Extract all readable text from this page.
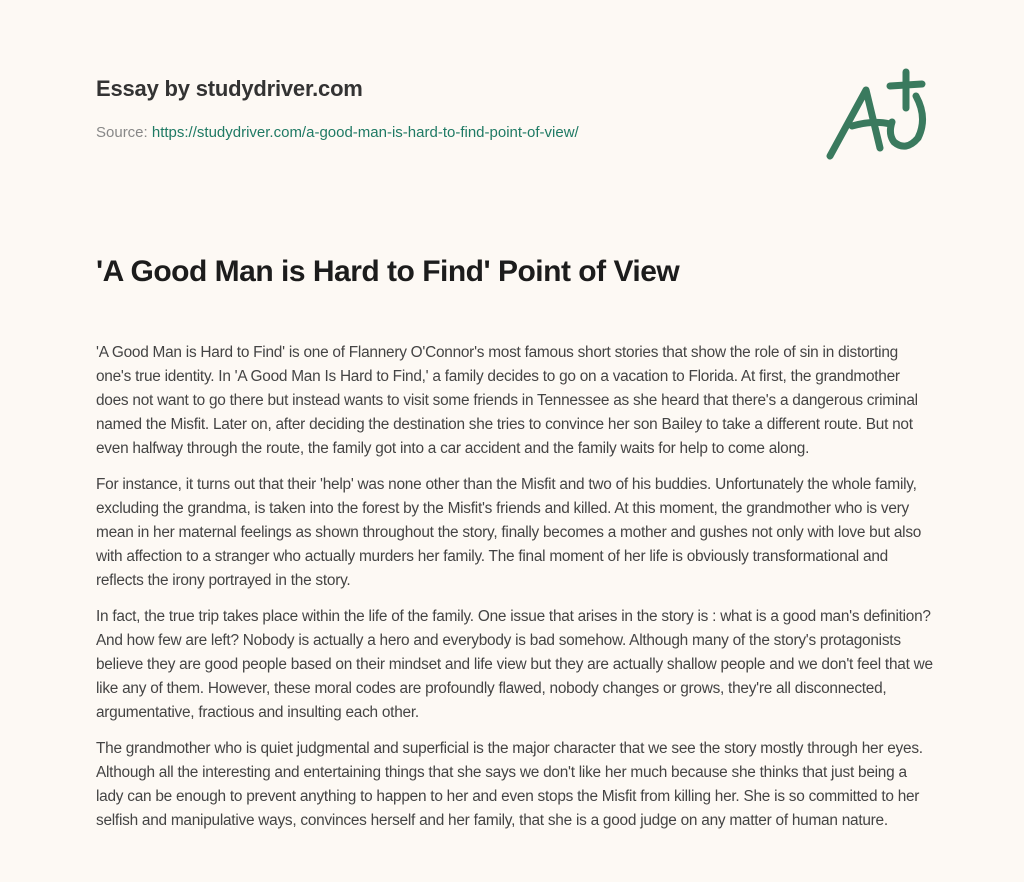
Essay by studydriver.com
Source: https://studydriver.com/a-good-man-is-hard-to-find-point-of-view/
'A Good Man is Hard to Find' Point of View

'A Good Man is Hard to Find' is one of Flannery O'Connor's most famous short stories that show the role of sin in distorting one's true identity. In 'A Good Man Is Hard to Find,' a family decides to go on a vacation to Florida. At first, the grandmother does not want to go there but instead wants to visit some friends in Tennessee as she heard that there's a dangerous criminal named the Misfit. Later on, after deciding the destination she tries to convince her son Bailey to take a different route. But not even halfway through the route, the family got into a car accident and the family waits for help to come along.

For instance, it turns out that their 'help' was none other than the Misfit and two of his buddies. Unfortunately the whole family, excluding the grandma, is taken into the forest by the Misfit's friends and killed. At this moment, the grandmother who is very mean in her maternal feelings as shown throughout the story, finally becomes a mother and gushes not only with love but also with affection to a stranger who actually murders her family. The final moment of her life is obviously transformational and reflects the irony portrayed in the story.

In fact, the true trip takes place within the life of the family. One issue that arises in the story is : what is a good man's definition? And how few are left? Nobody is actually a hero and everybody is bad somehow. Although many of the story's protagonists believe they are good people based on their mindset and life view but they are actually shallow people and we don't feel that we like any of them. However, these moral codes are profoundly flawed, nobody changes or grows, they're all disconnected, argumentative, fractious and insulting each other.

The grandmother who is quiet judgmental and superficial is the major character that we see the story mostly through her eyes. Although all the interesting and entertaining things that she says we don't like her much because she thinks that just being a lady can be enough to prevent anything to happen to her and even stops the Misfit from killing her. She is so committed to her selfish and manipulative ways, convinces herself and her family, that she is a good judge on any matter of human nature.
